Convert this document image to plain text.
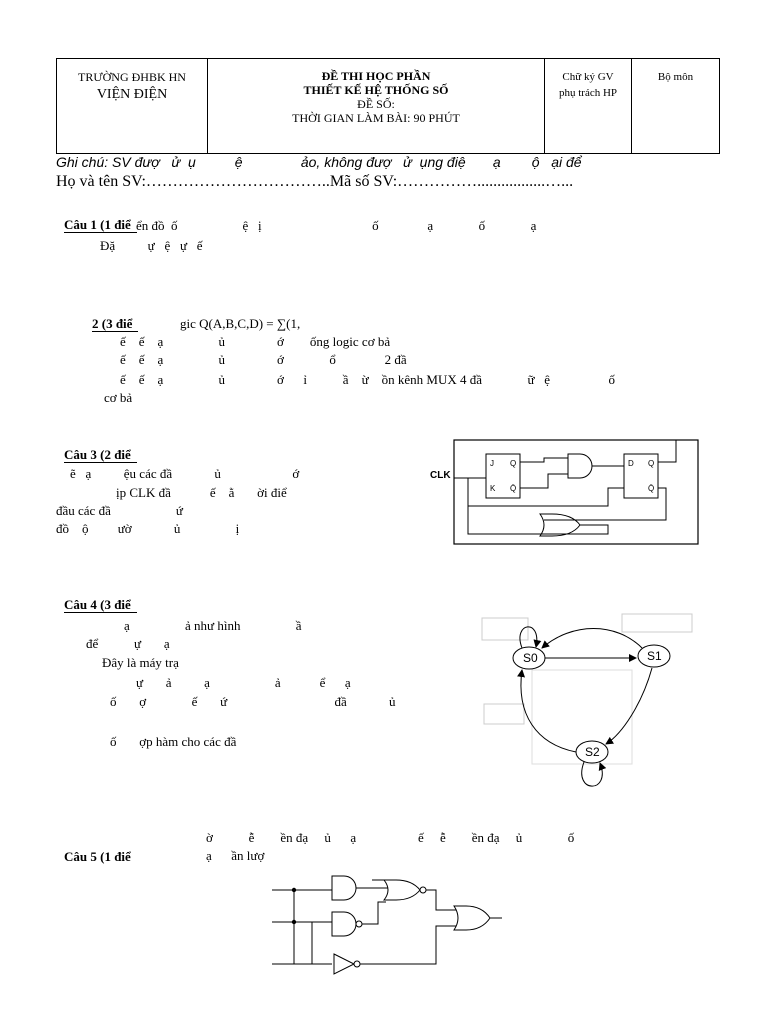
TRƯỜNG ĐHBK HN
VIỆN ĐIỆN

ĐỀ THI HỌC PHẦN
THIẾT KẾ HỆ THỐNG SỐ
ĐỀ SỐ:
THỜI GIAN LÀM BÀI: 90 PHÚT

Chữ ký GV
phụ trách HP

Bộ môn
Ghi chú: SV đượ   ử  ụ          ệ               ảo, không đượ   ử  ụng điệ       ạ        ộ   ại để
Họ và tên SV:……………………………..Mã số SV:…………….................…...

Câu 1 (1 điể ển đồ  ố                    ệ   ị                                  ố               ạ              ố              ạ
Đặ          ự   ệ   ự   ế

2 (3 điể	gic Q(A,B,C,D) = ∑(1,
ế    ế    ạ                 ủ                ớ        ống logic cơ bả
ế    ế    ạ                 ủ                ớ              ổ               2 đầ
ế    ế    ạ                 ủ                ớ      ỉ           ầ    ừ    ồn kênh MUX 4 đầ              ữ   ệ                  ố
cơ bả

Câu 3 (2 điể

ẽ   ạ          ệu các đầ             ủ                      ớ
ịp CLK đầ            ế    ằ       ời điể
đầu các đầ                    ứ
đồ    ộ         ườ             ủ                 ị
J Q
K Q̄
D Q
Q̄
CLK

Câu 4 (3 điể

ạ                 ả như hình                 ầ
để           ự       ạ
Đây là máy trạ
ự       ả          ạ                    ả            ể      ạ
ố       ợ              ế       ứ                                 đầ             ủ
ố       ợp hàm cho các đầ
S0	S1
S2

Câu 5 (1 điể

ờ           ễ        ền đạ     ủ      ạ                   ế     ễ        ền đạ     ủ              ố
ạ      ần lượ
